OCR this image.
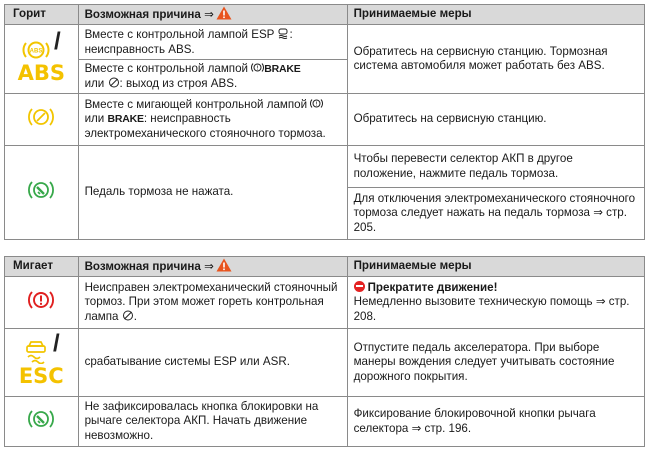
Горит	Возможная причина ⇒	Принимаемые меры

ABS /
ABS	Вместе с контрольной лампой ESP : неисправность ABS.	Обратитесь на сервисную станцию. Тормозная система автомобиля может работать без ABS.
	Вместе с контрольной лампой ! BRAKE
или : выход из строя ABS.	
	Вместе с мигающей контрольной лампой !
или BRAKE: неисправность электромеханического стояночного тормоза.	Обратитесь на сервисную станцию.
	Педаль тормоза не нажата.	Чтобы перевести селектор АКП в другое положение, нажмите педаль тормоза.
		Для отключения электромеханического стояночного тормоза следует нажать на педаль тормоза ⇒ стр. 205.
Мигает	Возможная причина ⇒	Принимаемые меры
	Неисправен электромеханический стояночный тормоз. При этом может гореть контрольная лампа .	Прекратите движение!
Немедленно вызовите техническую помощь ⇒ стр. 208.

/
ESC	срабатывание системы ESP или ASR.	Отпустите педаль акселератора. При выборе манеры вождения следует учитывать состояние дорожного покрытия.
	Не зафиксировалась кнопка блокировки на рычаге селектора АКП. Начать движение невозможно.	Фиксирование блокировочной кнопки рычага селектора ⇒ стр. 196.
